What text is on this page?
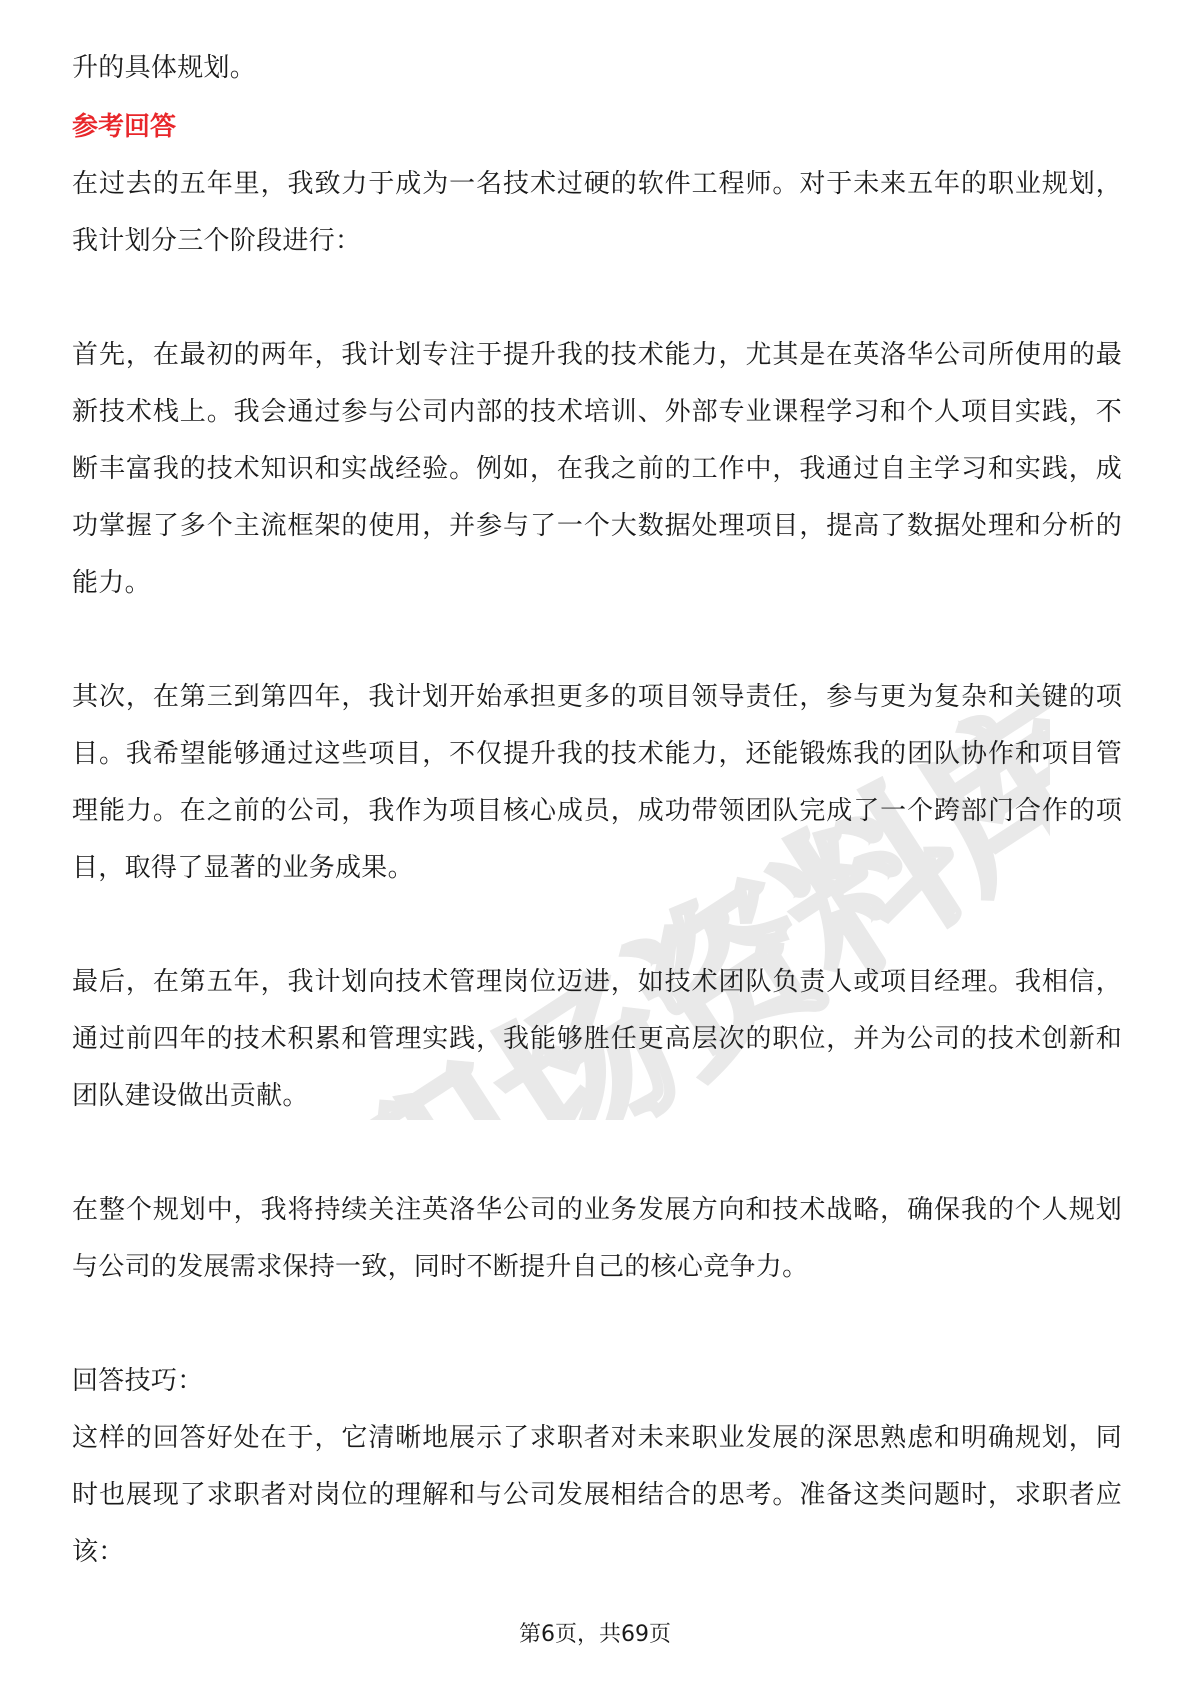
职场资料库

升的具体规划。

参考回答

在过去的五年里，我致力于成为一名技术过硬的软件工程师。对于未来五年的职业规划，我计划分三个阶段进行：

首先，在最初的两年，我计划专注于提升我的技术能力，尤其是在英洛华公司所使用的最新技术栈上。我会通过参与公司内部的技术培训、外部专业课程学习和个人项目实践，不断丰富我的技术知识和实战经验。例如，在我之前的工作中，我通过自主学习和实践，成功掌握了多个主流框架的使用，并参与了一个大数据处理项目，提高了数据处理和分析的能力。

其次，在第三到第四年，我计划开始承担更多的项目领导责任，参与更为复杂和关键的项目。我希望能够通过这些项目，不仅提升我的技术能力，还能锻炼我的团队协作和项目管理能力。在之前的公司，我作为项目核心成员，成功带领团队完成了一个跨部门合作的项目，取得了显著的业务成果。

最后，在第五年，我计划向技术管理岗位迈进，如技术团队负责人或项目经理。我相信，通过前四年的技术积累和管理实践，我能够胜任更高层次的职位，并为公司的技术创新和团队建设做出贡献。

在整个规划中，我将持续关注英洛华公司的业务发展方向和技术战略，确保我的个人规划与公司的发展需求保持一致，同时不断提升自己的核心竞争力。

回答技巧：

这样的回答好处在于，它清晰地展示了求职者对未来职业发展的深思熟虑和明确规划，同时也展现了求职者对岗位的理解和与公司发展相结合的思考。准备这类问题时，求职者应该：

第6页，共69页
